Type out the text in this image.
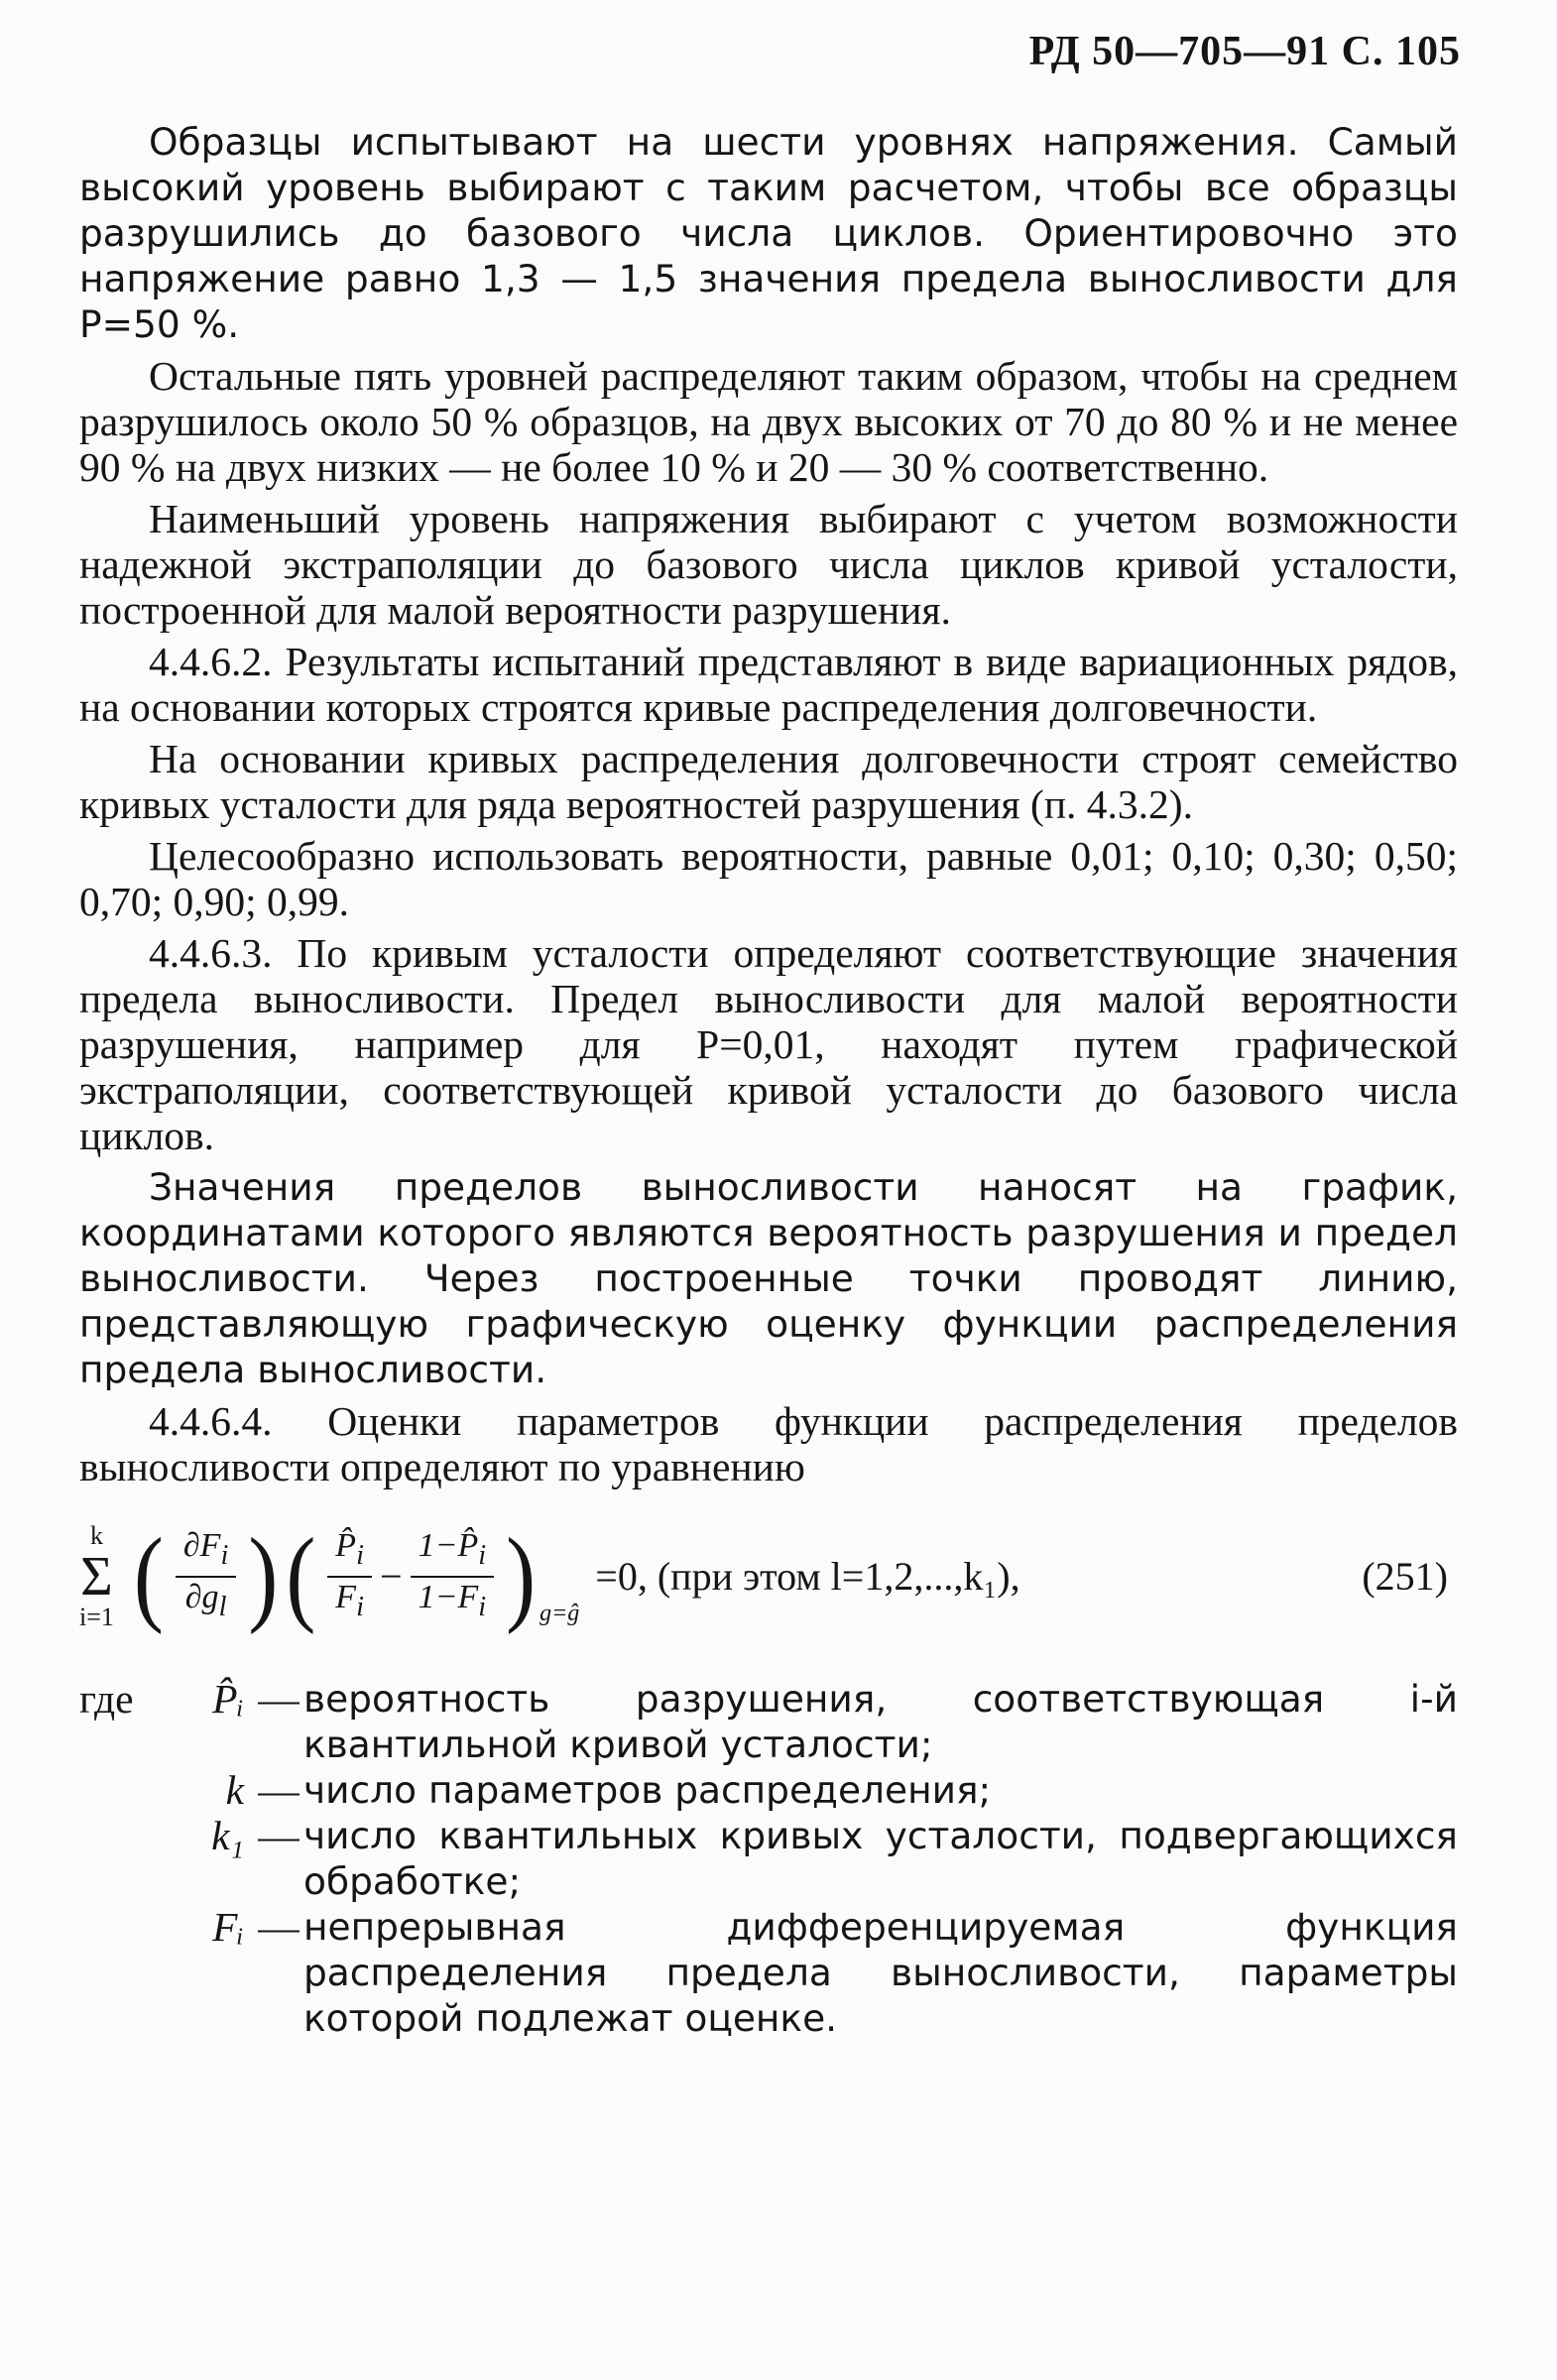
РД 50—705—91 С. 105

Образцы испытывают на шести уровнях напряжения. Самый высокий уровень выбирают с таким расчетом, чтобы все образцы разрушились до базового числа циклов. Ориентировочно это напряжение равно 1,3 — 1,5 значения предела выносливости для P=50 %.

Остальные пять уровней распределяют таким образом, чтобы на среднем разрушилось около 50 % образцов, на двух высоких от 70 до 80 % и не менее 90 % на двух низких — не более 10 % и 20 — 30 % соответственно.

Наименьший уровень напряжения выбирают с учетом возможности надежной экстраполяции до базового числа циклов кривой усталости, построенной для малой вероятности разрушения.

4.4.6.2. Результаты испытаний представляют в виде вариационных рядов, на основании которых строятся кривые распределения долговечности.

На основании кривых распределения долговечности строят семейство кривых усталости для ряда вероятностей разрушения (п. 4.3.2).

Целесообразно использовать вероятности, равные 0,01; 0,10; 0,30; 0,50; 0,70; 0,90; 0,99.

4.4.6.3. По кривым усталости определяют соответствующие значения предела выносливости. Предел выносливости для малой вероятности разрушения, например для P=0,01, находят путем графической экстраполяции, соответствующей кривой усталости до базового числа циклов.

Значения пределов выносливости наносят на график, координатами которого являются вероятность разрушения и предел выносливости. Через построенные точки проводят линию, представляющую графическую оценку функции распределения предела выносливости.

4.4.6.4. Оценки параметров функции распределения пределов выносливости определяют по уравнению

k
Σ
i=1 ( $\frac{\partial F_i}{\partial g_l}$ ) ( $\frac{P̂_i}{F_i} - \frac{1-P̂_i}{1-F_i}$ ) g=ĝ
=0, (при этом l=1,2,...,k₁),	(251)
где	P̂ᵢ — вероятность разрушения, соответствующая i-й квантильной кривой усталости;
k — число параметров распределения;
k₁ — число квантильных кривых усталости, подвергающихся обработке;
Fᵢ — непрерывная дифференцируемая функция распределения предела выносливости, параметры которой подлежат оценке.
